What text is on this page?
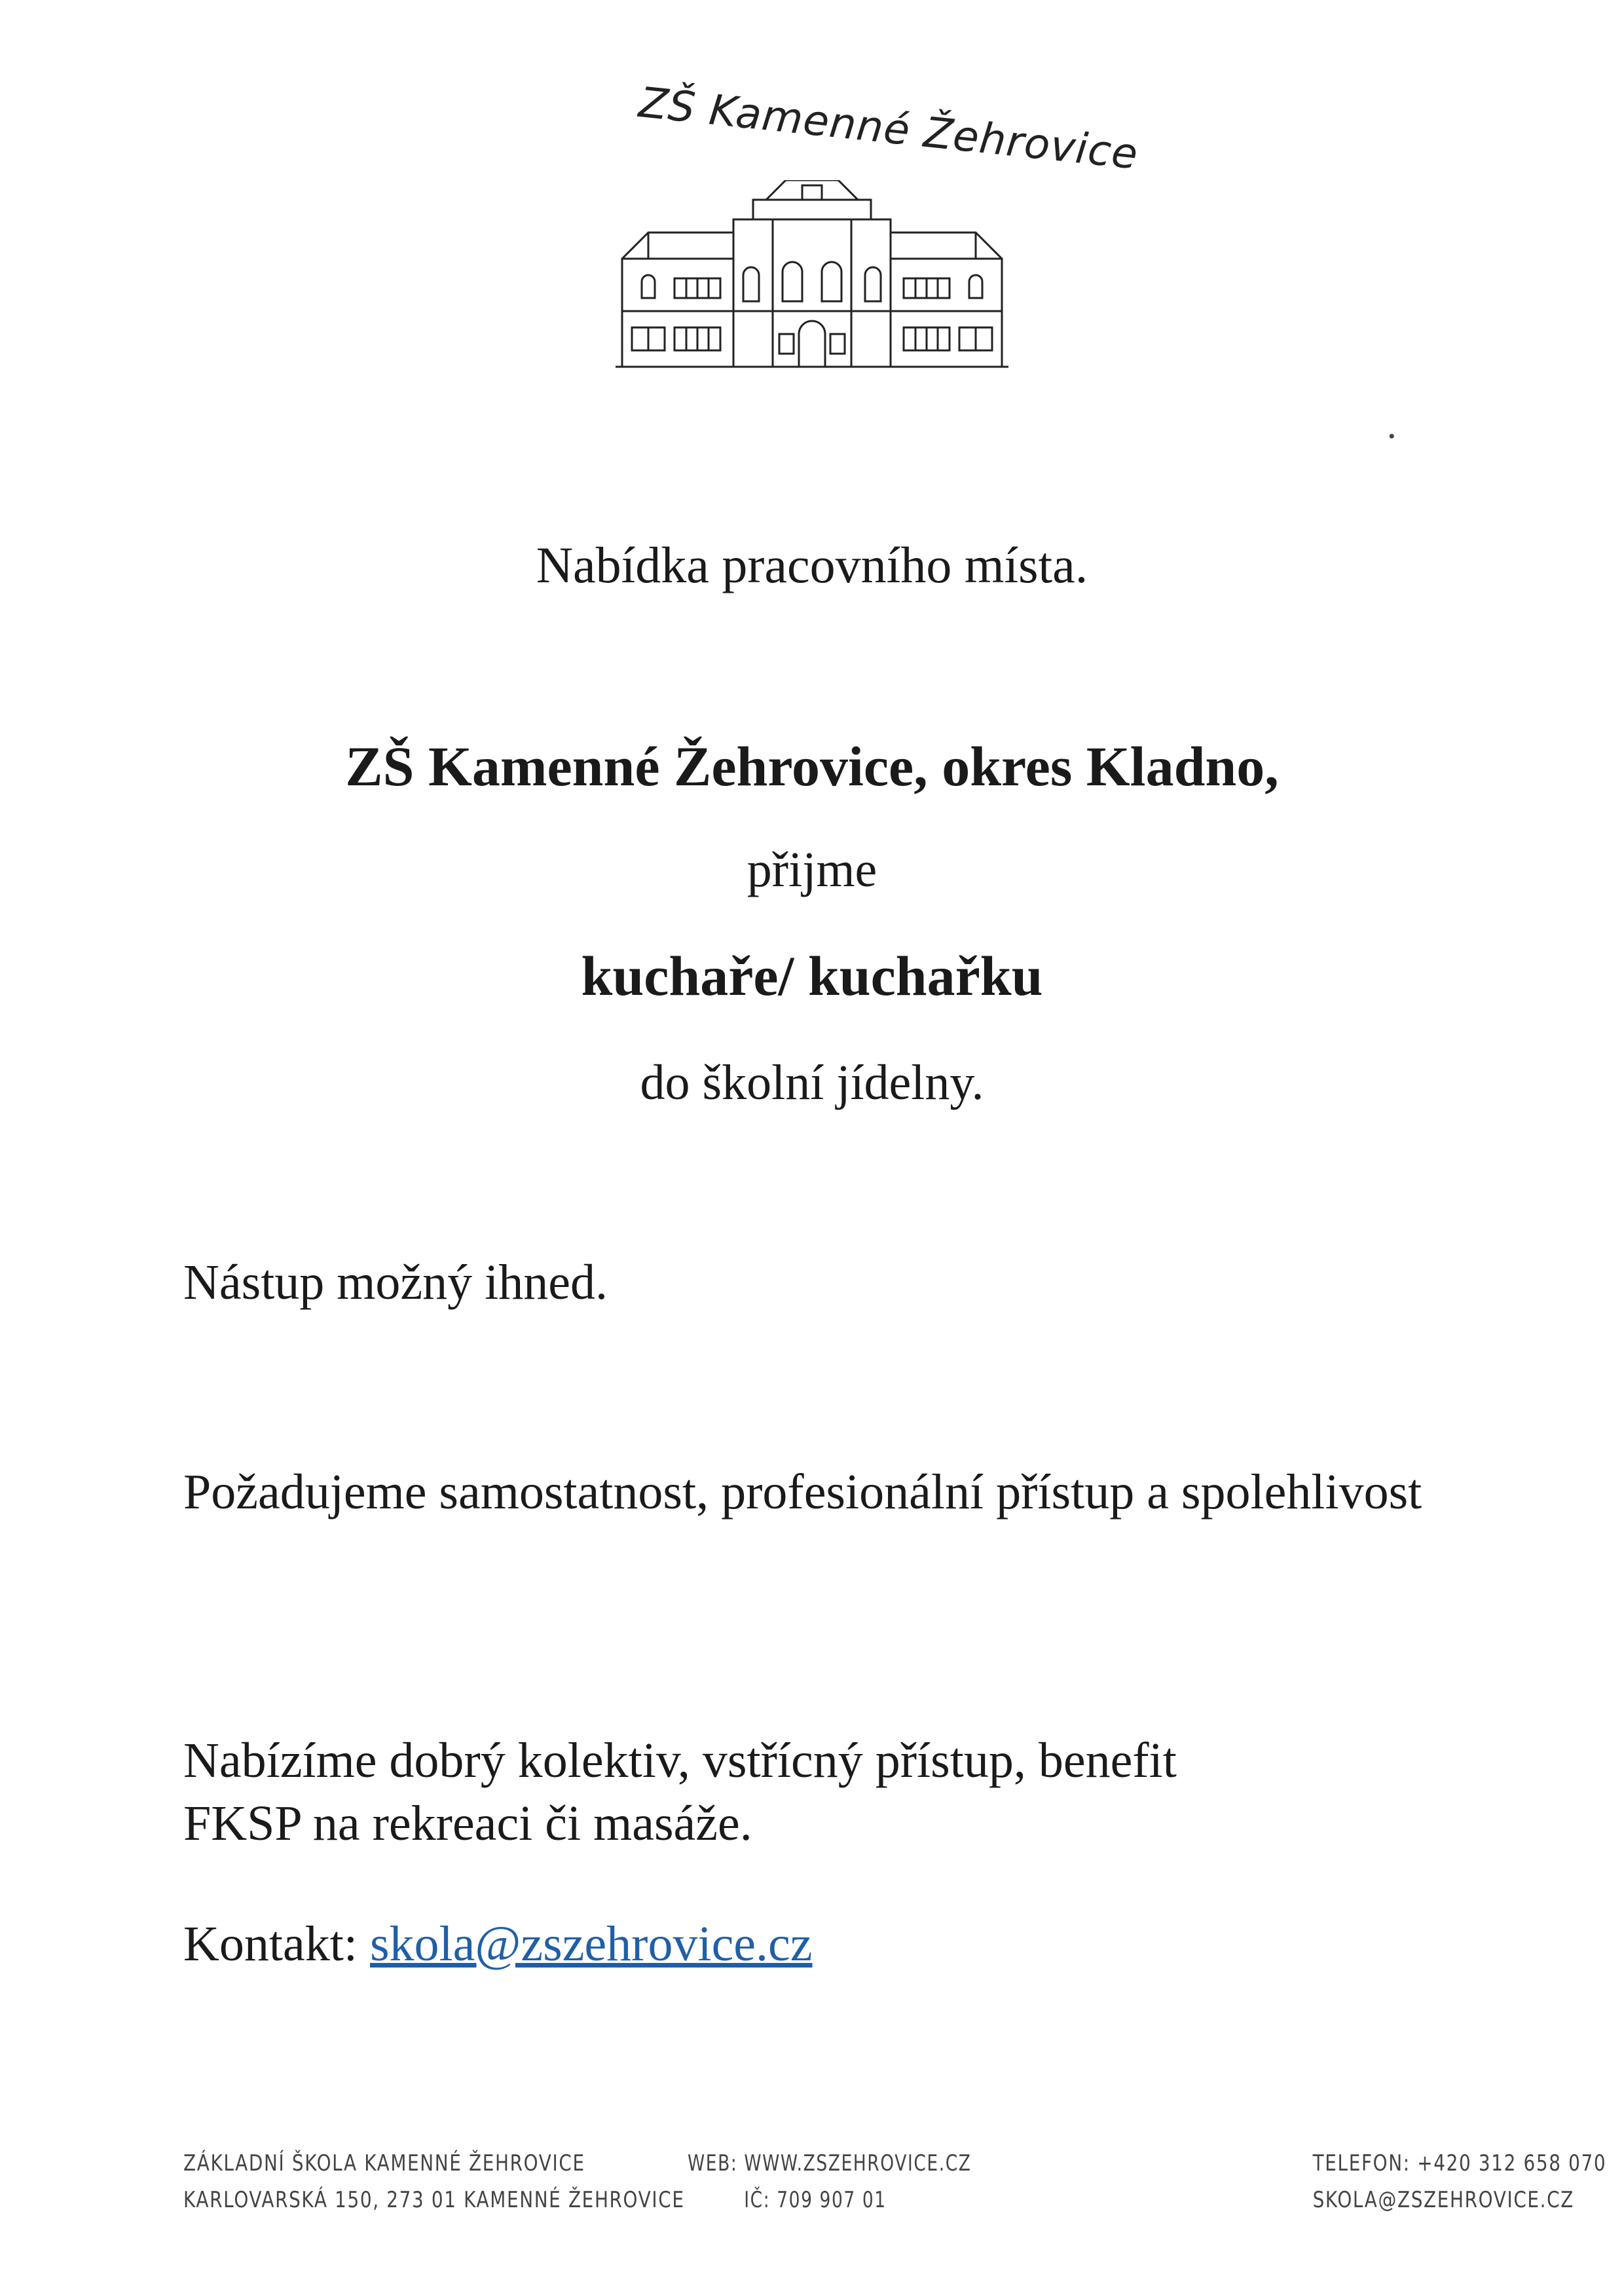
ZŠ Kamenné Žehrovice
•
Nabídka pracovního místa.
ZŠ Kamenné Žehrovice, okres Kladno,
přijme
kuchaře/ kuchařku
do školní jídelny.
Nástup možný ihned.
Požadujeme samostatnost, profesionální přístup a spolehlivost
Nabízíme dobrý kolektiv, vstřícný přístup, benefit
FKSP na rekreaci či masáže.
Kontakt: skola@zszehrovice.cz
ZÁKLADNÍ ŠKOLA KAMENNÉ ŽEHROVICE
KARLOVARSKÁ 150, 273 01 KAMENNÉ ŽEHROVICE
WEB: WWW.ZSZEHROVICE.CZ
IČ: 709 907 01
TELEFON: +420 312 658 070
SKOLA@ZSZEHROVICE.CZ
